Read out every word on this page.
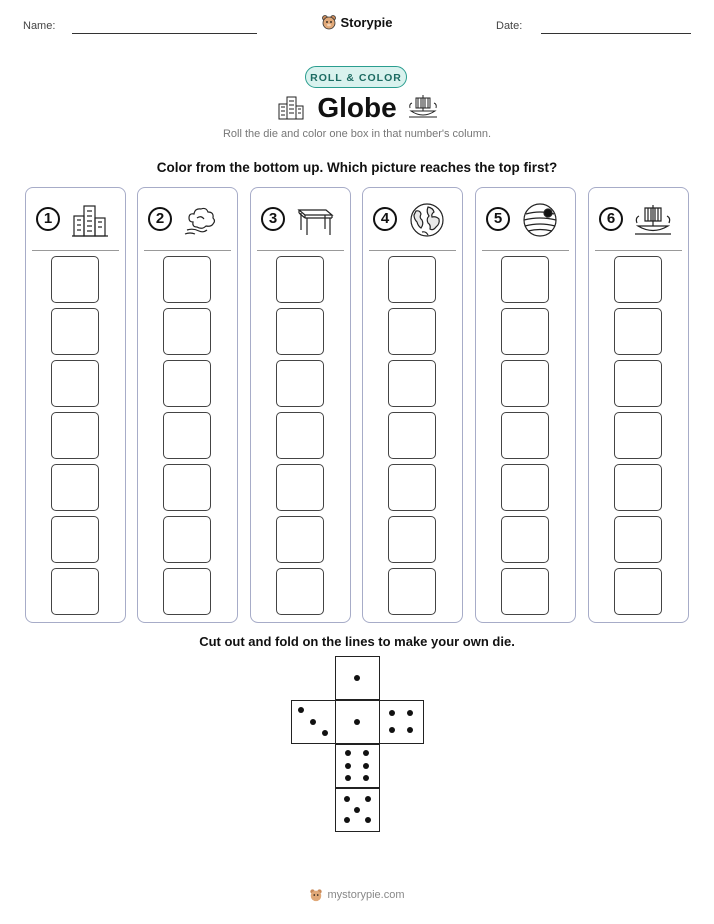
Name:	Date:
Storypie
ROLL & COLOR
Globe
Roll the die and color one box in that number's column.
Color from the bottom up. Which picture reaches the top first?
1	2	3	4	5	6
Cut out and fold on the lines to make your own die.
mystorypie.com
